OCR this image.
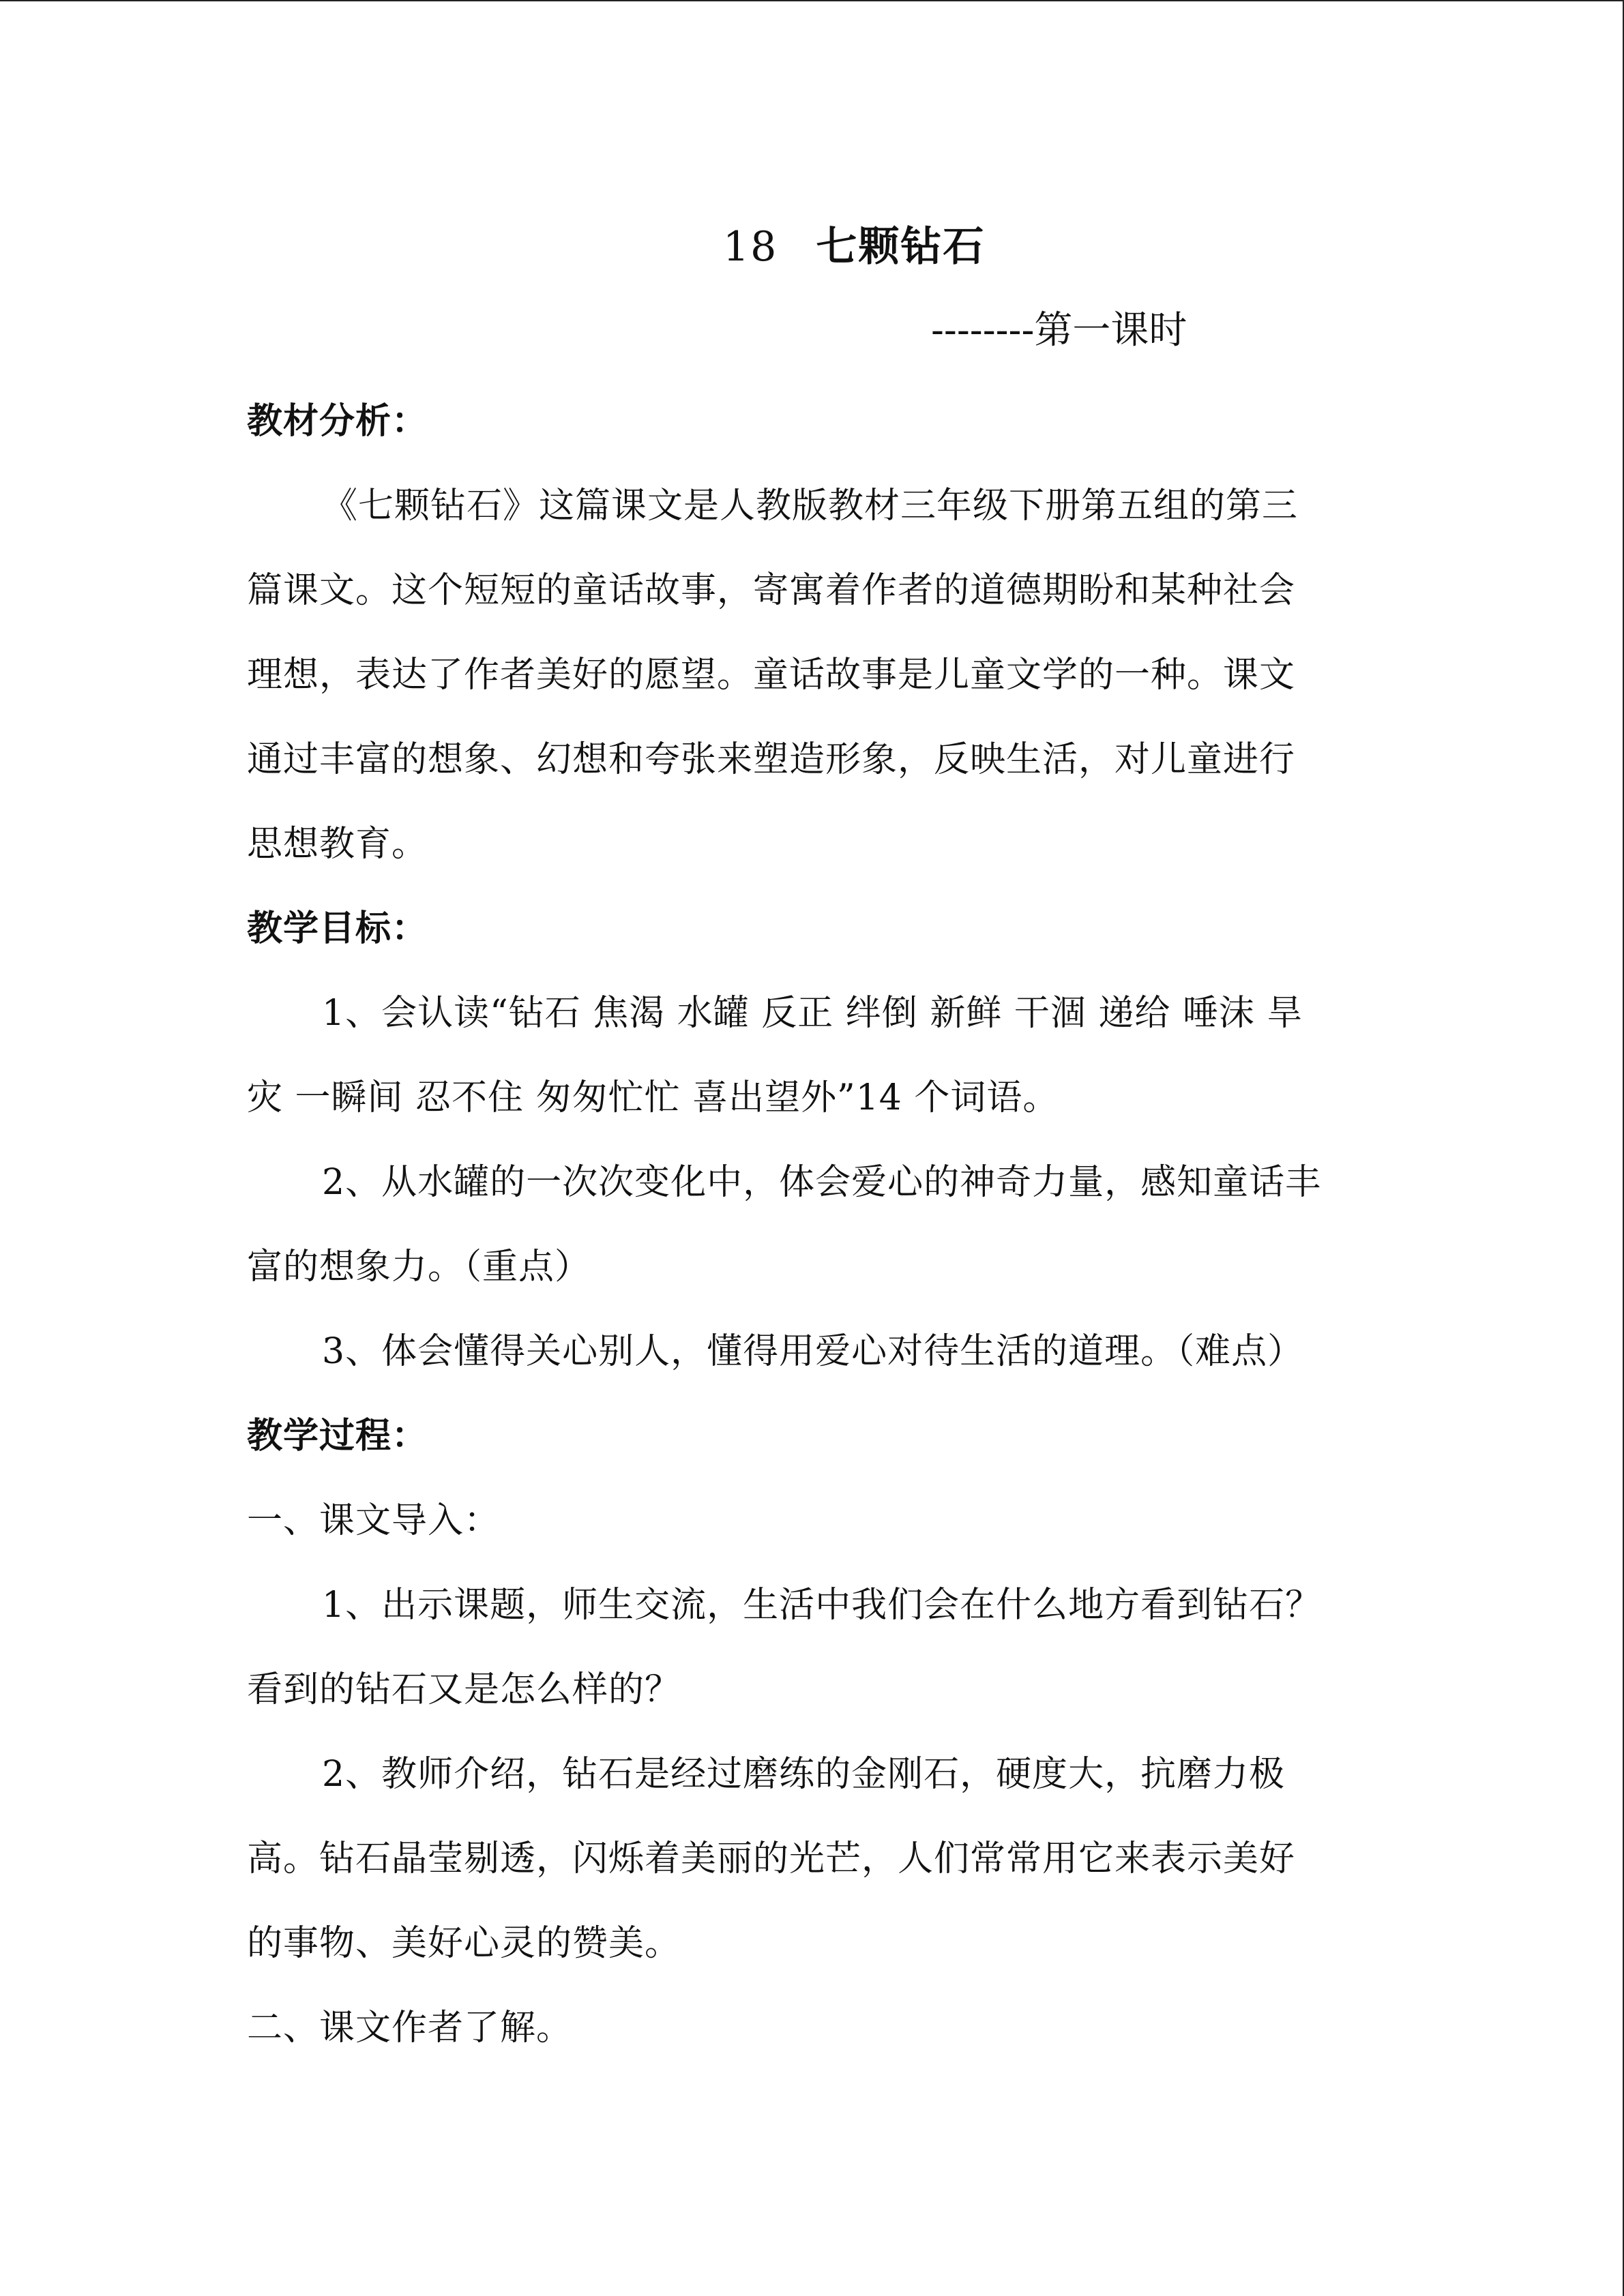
18 七颗钻石
--------第一课时
教材分析：
《七颗钻石》这篇课文是人教版教材三年级下册第五组的第三
篇课文。这个短短的童话故事，寄寓着作者的道德期盼和某种社会
理想，表达了作者美好的愿望。童话故事是儿童文学的一种。课文
通过丰富的想象、幻想和夸张来塑造形象，反映生活，对儿童进行
思想教育。
教学目标：
1、会认读“钻石 焦渴 水罐 反正 绊倒 新鲜 干涸 递给 唾沫 旱
灾 一瞬间 忍不住 匆匆忙忙 喜出望外”14 个词语。
2、从水罐的一次次变化中，体会爱心的神奇力量，感知童话丰
富的想象力。（重点）
3、体会懂得关心别人，懂得用爱心对待生活的道理。（难点）
教学过程：
一、课文导入：
1、出示课题，师生交流，生活中我们会在什么地方看到钻石？
看到的钻石又是怎么样的？
2、教师介绍，钻石是经过磨练的金刚石，硬度大，抗磨力极
高。钻石晶莹剔透，闪烁着美丽的光芒，人们常常用它来表示美好
的事物、美好心灵的赞美。
二、课文作者了解。
